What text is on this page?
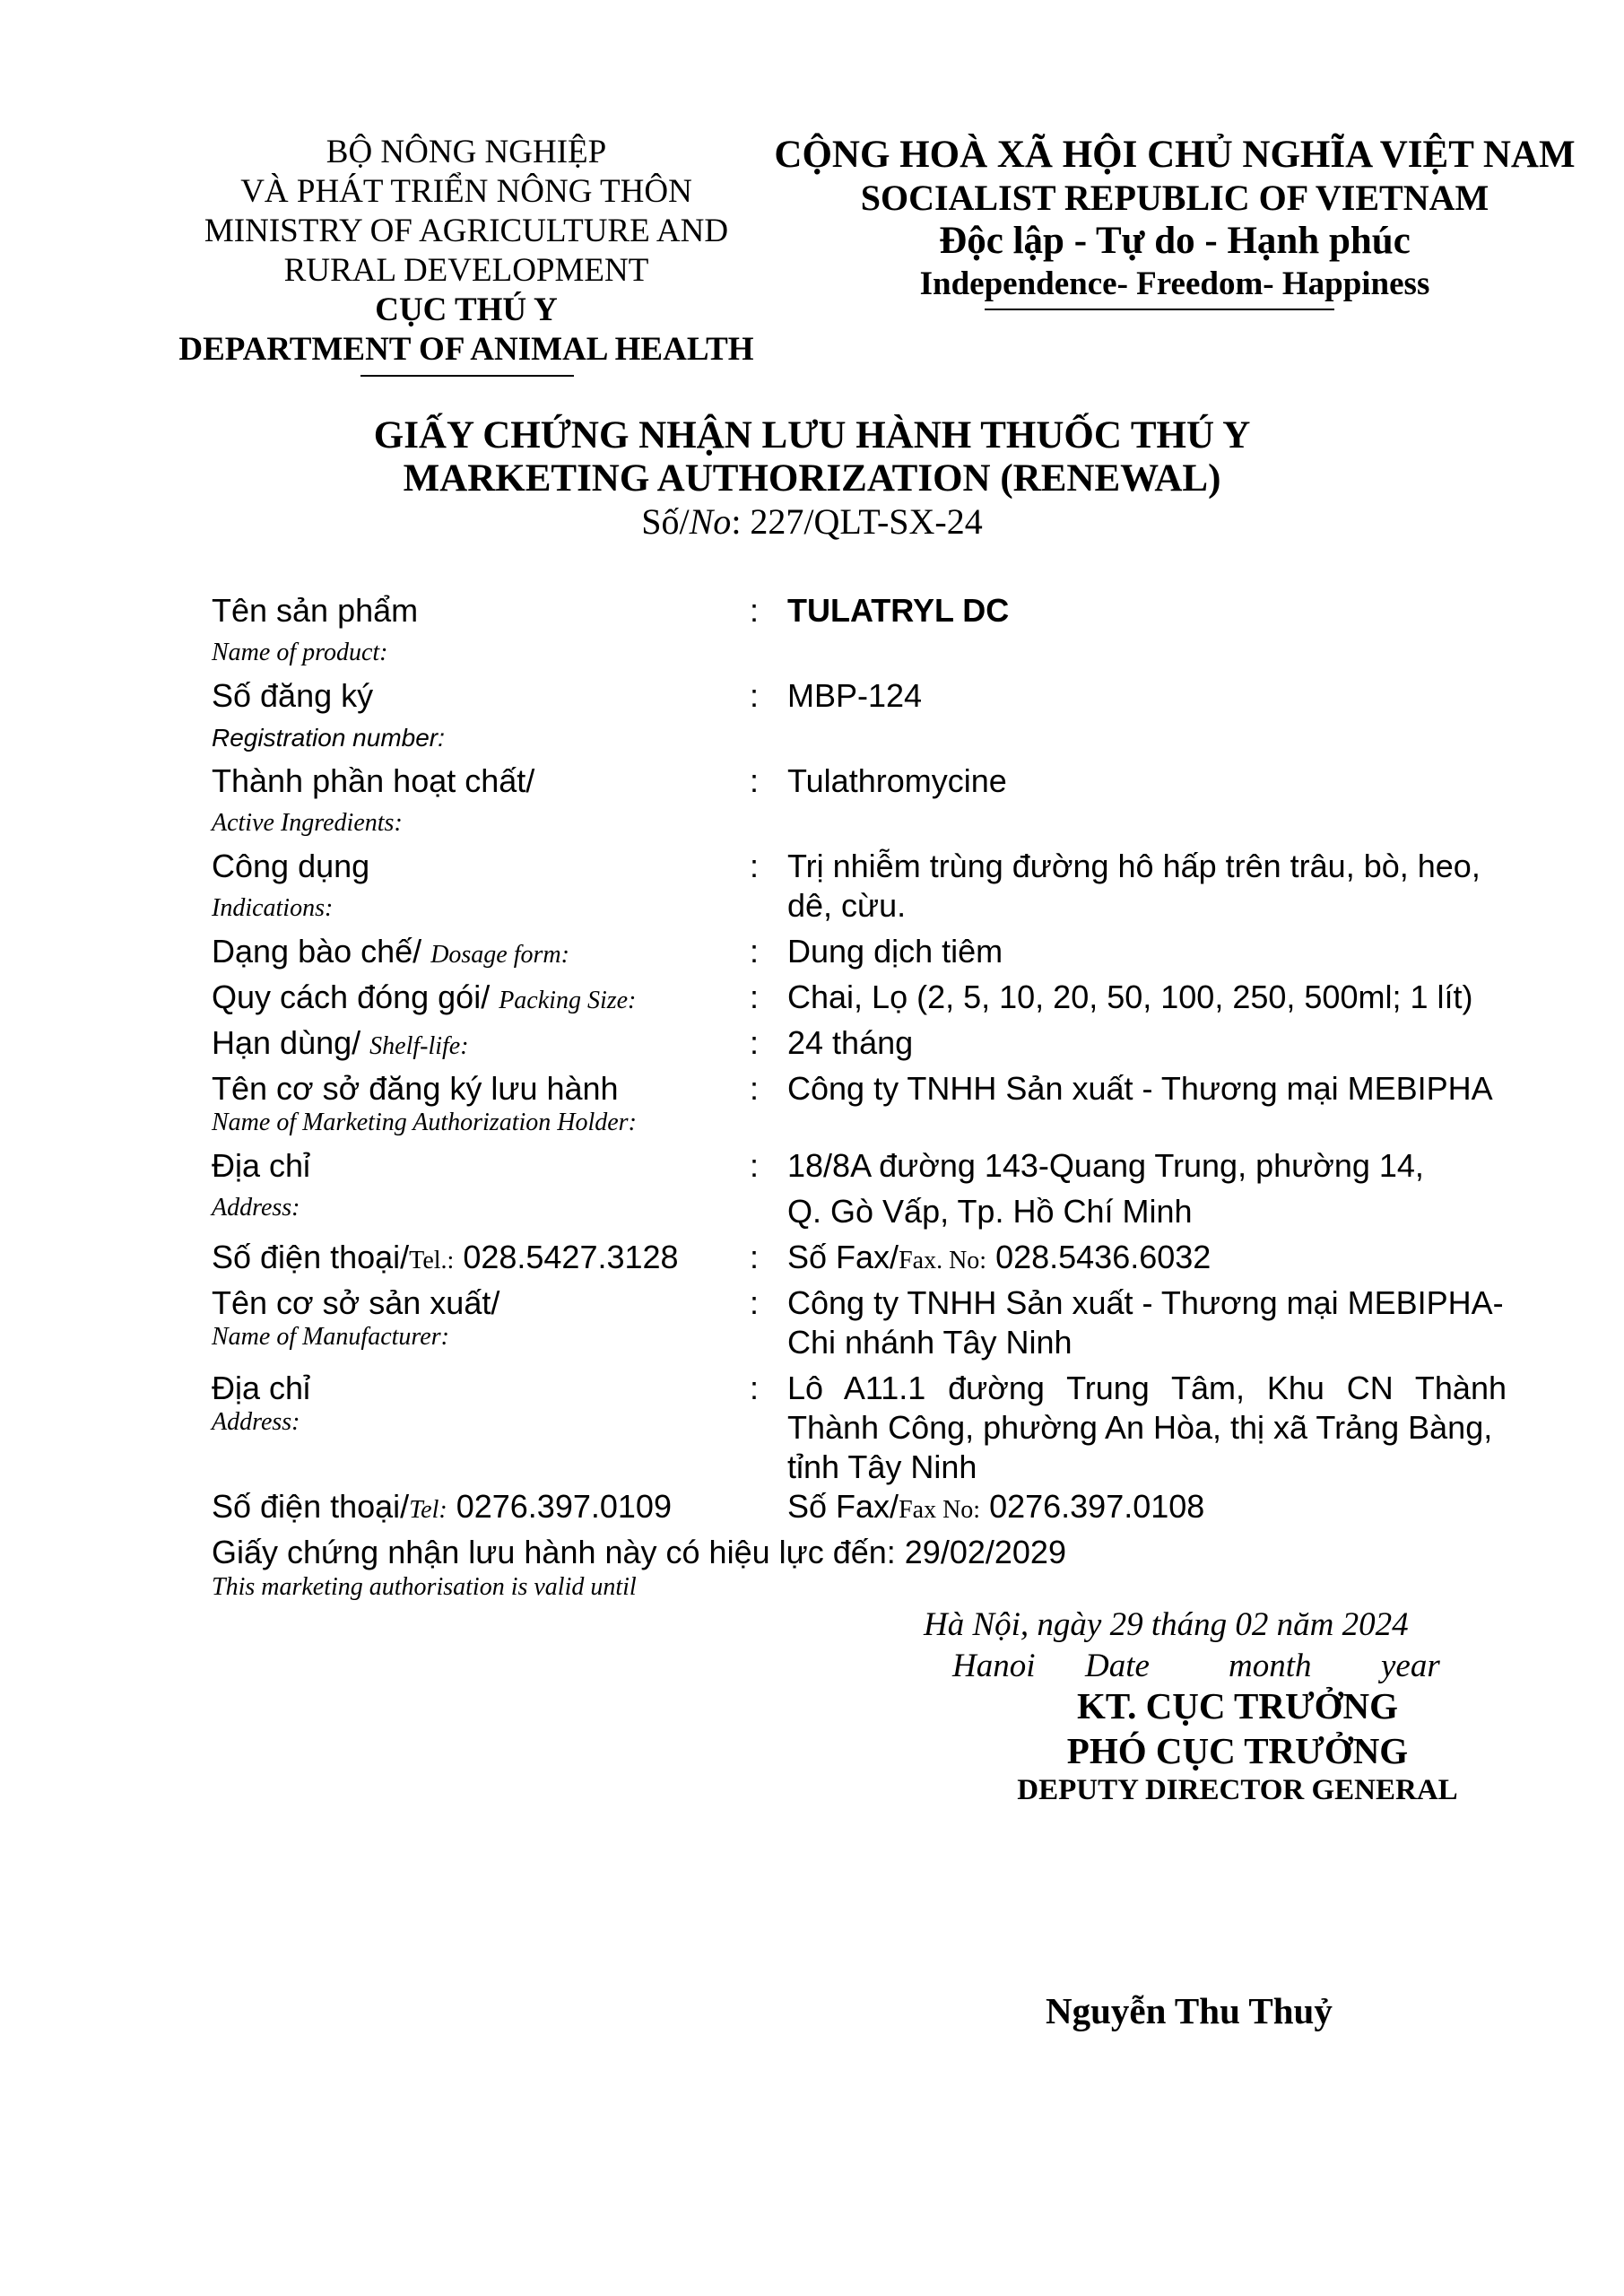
BỘ NÔNG NGHIỆP
VÀ PHÁT TRIỂN NÔNG THÔN
MINISTRY OF AGRICULTURE AND
RURAL DEVELOPMENT
CỤC THÚ Y
DEPARTMENT OF ANIMAL HEALTH
CỘNG HOÀ XÃ HỘI CHỦ NGHĨA VIỆT NAM
SOCIALIST REPUBLIC OF VIETNAM
Độc lập - Tự do - Hạnh phúc
Independence- Freedom- Happiness
GIẤY CHỨNG NHẬN LƯU HÀNH THUỐC THÚ Y
MARKETING AUTHORIZATION (RENEWAL)
Số/No: 227/QLT-SX-24
Tên sản phẩm
Name of product:
: TULATRYL DC
Số đăng ký
Registration number:
: MBP-124
Thành phần hoạt chất/
Active Ingredients:
: Tulathromycine
Công dụng
Indications:
: Trị nhiễm trùng đường hô hấp trên trâu, bò, heo,
dê, cừu.
Dạng bào chế/ Dosage form:	: Dung dịch tiêm
Quy cách đóng gói/ Packing Size:	: Chai, Lọ (2, 5, 10, 20, 50, 100, 250, 500ml; 1 lít)
Hạn dùng/ Shelf-life:	: 24 tháng
Tên cơ sở đăng ký lưu hành
Name of Marketing Authorization Holder:
: Công ty TNHH Sản xuất - Thương mại MEBIPHA
Địa chỉ
Address:
: 18/8A đường 143-Quang Trung, phường 14,
Q. Gò Vấp, Tp. Hồ Chí Minh
Số điện thoại/Tel.: 028.5427.3128 : Số Fax/Fax. No: 028.5436.6032
Tên cơ sở sản xuất/
Name of Manufacturer:
: Công ty TNHH Sản xuất - Thương mại MEBIPHA-
Chi nhánh Tây Ninh
Địa chỉ
Address:
: Lô A11.1 đường Trung Tâm, Khu CN Thành
Thành Công, phường An Hòa, thị xã Trảng Bàng,
tỉnh Tây Ninh
Số điện thoại/Tel: 0276.397.0109	Số Fax/Fax No: 0276.397.0108
Giấy chứng nhận lưu hành này có hiệu lực đến: 29/02/2029
This marketing authorisation is valid until
Hà Nội, ngày 29 tháng 02 năm 2024
Hanoi Date month year
KT. CỤC TRƯỞNG
PHÓ CỤC TRƯỞNG
DEPUTY DIRECTOR GENERAL
Nguyễn Thu Thuỷ
